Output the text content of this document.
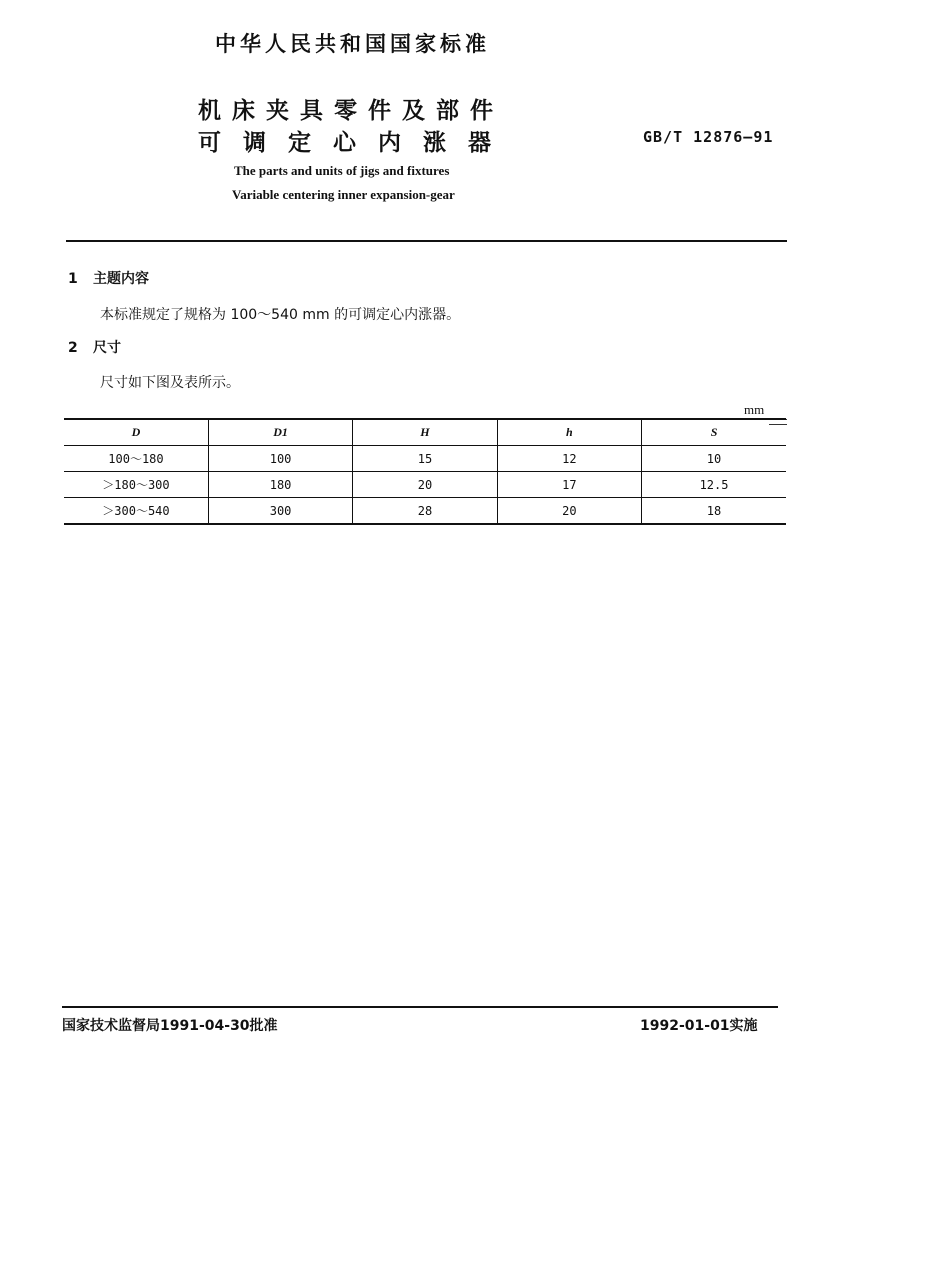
中华人民共和国国家标准
机床夹具零件及部件
可调定心内涨器	GB/T 12876—91
The parts and units of jigs and fixtures
Variable centering inner expansion-gear
1 主题内容
本标准规定了规格为 100～540 mm 的可调定心内涨器。
2 尺寸
尺寸如下图及表所示。
mm
D	D1	H	h	S
100～180	100	15	12	10
＞180～300	180	20	17	12.5
＞300～540	300	28	20	18
国家技术监督局1991-04-30批准	1992-01-01实施
